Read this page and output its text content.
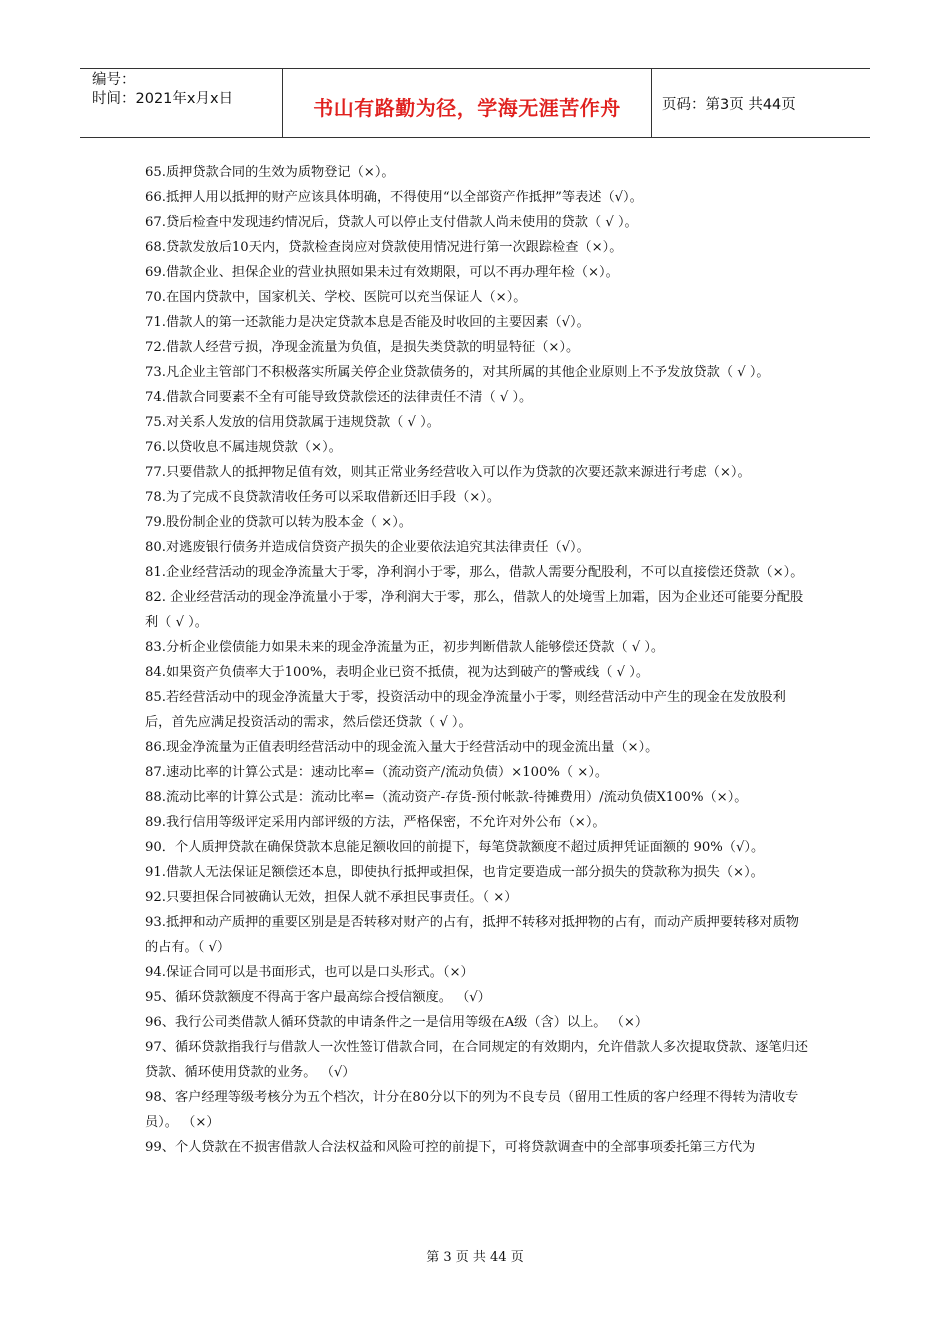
编号：
时间：2021年x月x日	书山有路勤为径，学海无涯苦作舟	页码：第3页 共44页

65.质押贷款合同的生效为质物登记（×）。

66.抵押人用以抵押的财产应该具体明确，不得使用“以全部资产作抵押”等表述（√）。

67.贷后检查中发现违约情况后，贷款人可以停止支付借款人尚未使用的贷款（ √ ）。

68.贷款发放后10天内，贷款检查岗应对贷款使用情况进行第一次跟踪检查（×）。

69.借款企业、担保企业的营业执照如果未过有效期限，可以不再办理年检（×）。

70.在国内贷款中，国家机关、学校、医院可以充当保证人（×）。

71.借款人的第一还款能力是决定贷款本息是否能及时收回的主要因素（√）。

72.借款人经营亏损，净现金流量为负值，是损失类贷款的明显特征（×）。

73.凡企业主管部门不积极落实所属关停企业贷款债务的，对其所属的其他企业原则上不予发放贷款（ √ ）。

74.借款合同要素不全有可能导致贷款偿还的法律责任不清（ √ ）。

75.对关系人发放的信用贷款属于违规贷款（ √ ）。

76.以贷收息不属违规贷款（×）。

77.只要借款人的抵押物足值有效，则其正常业务经营收入可以作为贷款的次要还款来源进行考虑（×）。

78.为了完成不良贷款清收任务可以采取借新还旧手段（×）。

79.股份制企业的贷款可以转为股本金（ ×）。

80.对逃废银行债务并造成信贷资产损失的企业要依法追究其法律责任（√）。

81.企业经营活动的现金净流量大于零，净利润小于零，那么，借款人需要分配股利，不可以直接偿还贷款（×）。

82. 企业经营活动的现金净流量小于零，净利润大于零，那么，借款人的处境雪上加霜，因为企业还可能要分配股利（ √ ）。

83.分析企业偿债能力如果未来的现金净流量为正，初步判断借款人能够偿还贷款（ √ ）。

84.如果资产负债率大于100%，表明企业已资不抵债，视为达到破产的警戒线（ √ ）。

85.若经营活动中的现金净流量大于零，投资活动中的现金净流量小于零，则经营活动中产生的现金在发放股利后，首先应满足投资活动的需求，然后偿还贷款（ √ ）。

86.现金净流量为正值表明经营活动中的现金流入量大于经营活动中的现金流出量（×）。

87.速动比率的计算公式是：速动比率=（流动资产/流动负债）×100%（ ×）。

88.流动比率的计算公式是：流动比率=（流动资产-存货-预付帐款-待摊费用）/流动负债X100%（×）。

89.我行信用等级评定采用内部评级的方法，严格保密，不允许对外公布（×）。

90．个人质押贷款在确保贷款本息能足额收回的前提下，每笔贷款额度不超过质押凭证面额的 90%（√）。

91.借款人无法保证足额偿还本息，即使执行抵押或担保，也肯定要造成一部分损失的贷款称为损失（×）。

92.只要担保合同被确认无效，担保人就不承担民事责任。（ ×）

93.抵押和动产质押的重要区别是是否转移对财产的占有，抵押不转移对抵押物的占有，而动产质押要转移对质物的占有。（ √）

94.保证合同可以是书面形式，也可以是口头形式。（×）

95、循环贷款额度不得高于客户最高综合授信额度。 （√）

96、我行公司类借款人循环贷款的申请条件之一是信用等级在A级（含）以上。 （×）

97、循环贷款指我行与借款人一次性签订借款合同，在合同规定的有效期内，允许借款人多次提取贷款、逐笔归还贷款、循环使用贷款的业务。 （√）

98、客户经理等级考核分为五个档次，计分在80分以下的列为不良专员（留用工性质的客户经理不得转为清收专员）。 （×）

99、个人贷款在不损害借款人合法权益和风险可控的前提下，可将贷款调查中的全部事项委托第三方代为

第 3 页 共 44 页
